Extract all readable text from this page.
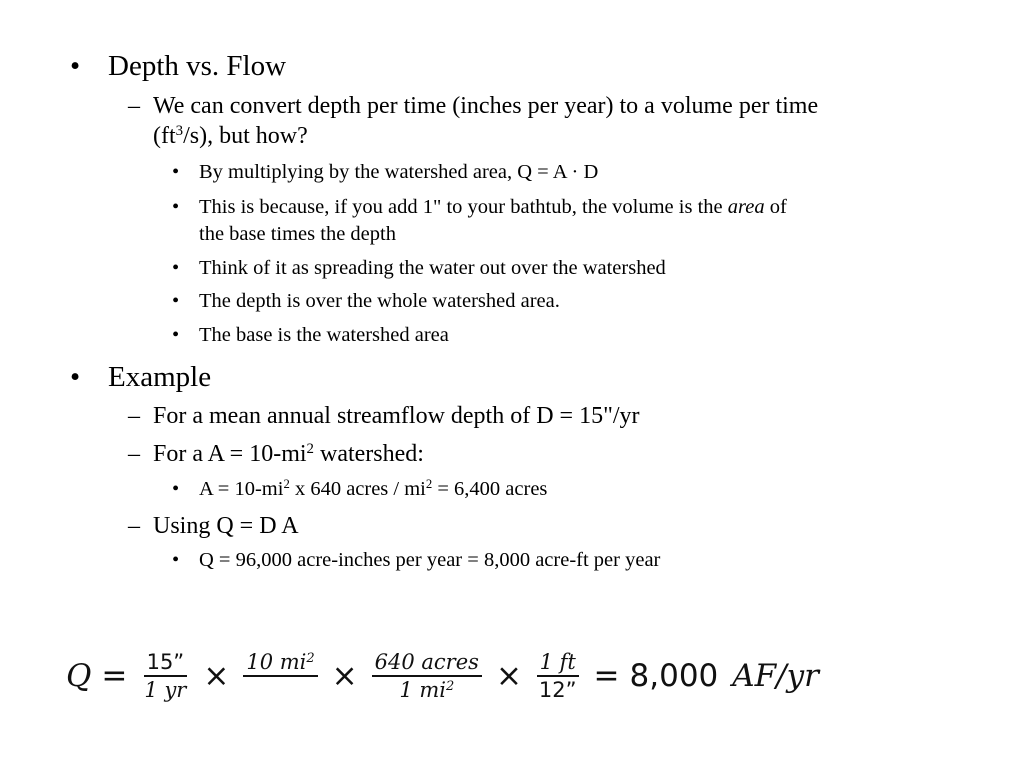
• Depth vs. Flow
– We can convert depth per time (inches per year) to a volume per time
$(ft^3/s)$, but how?
• By multiplying by the watershed area, Q = A · D
• This is because, if you add 1" to your bathtub, the volume is the area of
the base times the depth
• Think of it as spreading the water out over the watershed
• The depth is over the whole watershed area.
• The base is the watershed area
• Example
– For a mean annual streamflow depth of D = 15"/yr
– For a $A = 10-mi^2$ watershed:
• $A = 10-mi^2$ x 640 acres / $mi^2 = 6,400$ acres
– Using Q = D A
• Q = 96,000 acre-inches per year = 8,000 acre-ft per year
$Q = \frac{15”}{1 yr} \times 10$ $mi^2$

× $\frac{\text{640 acres}}{1 mi^2} \times \frac{1 ft}{12”} = 8,000$ AF/yr
